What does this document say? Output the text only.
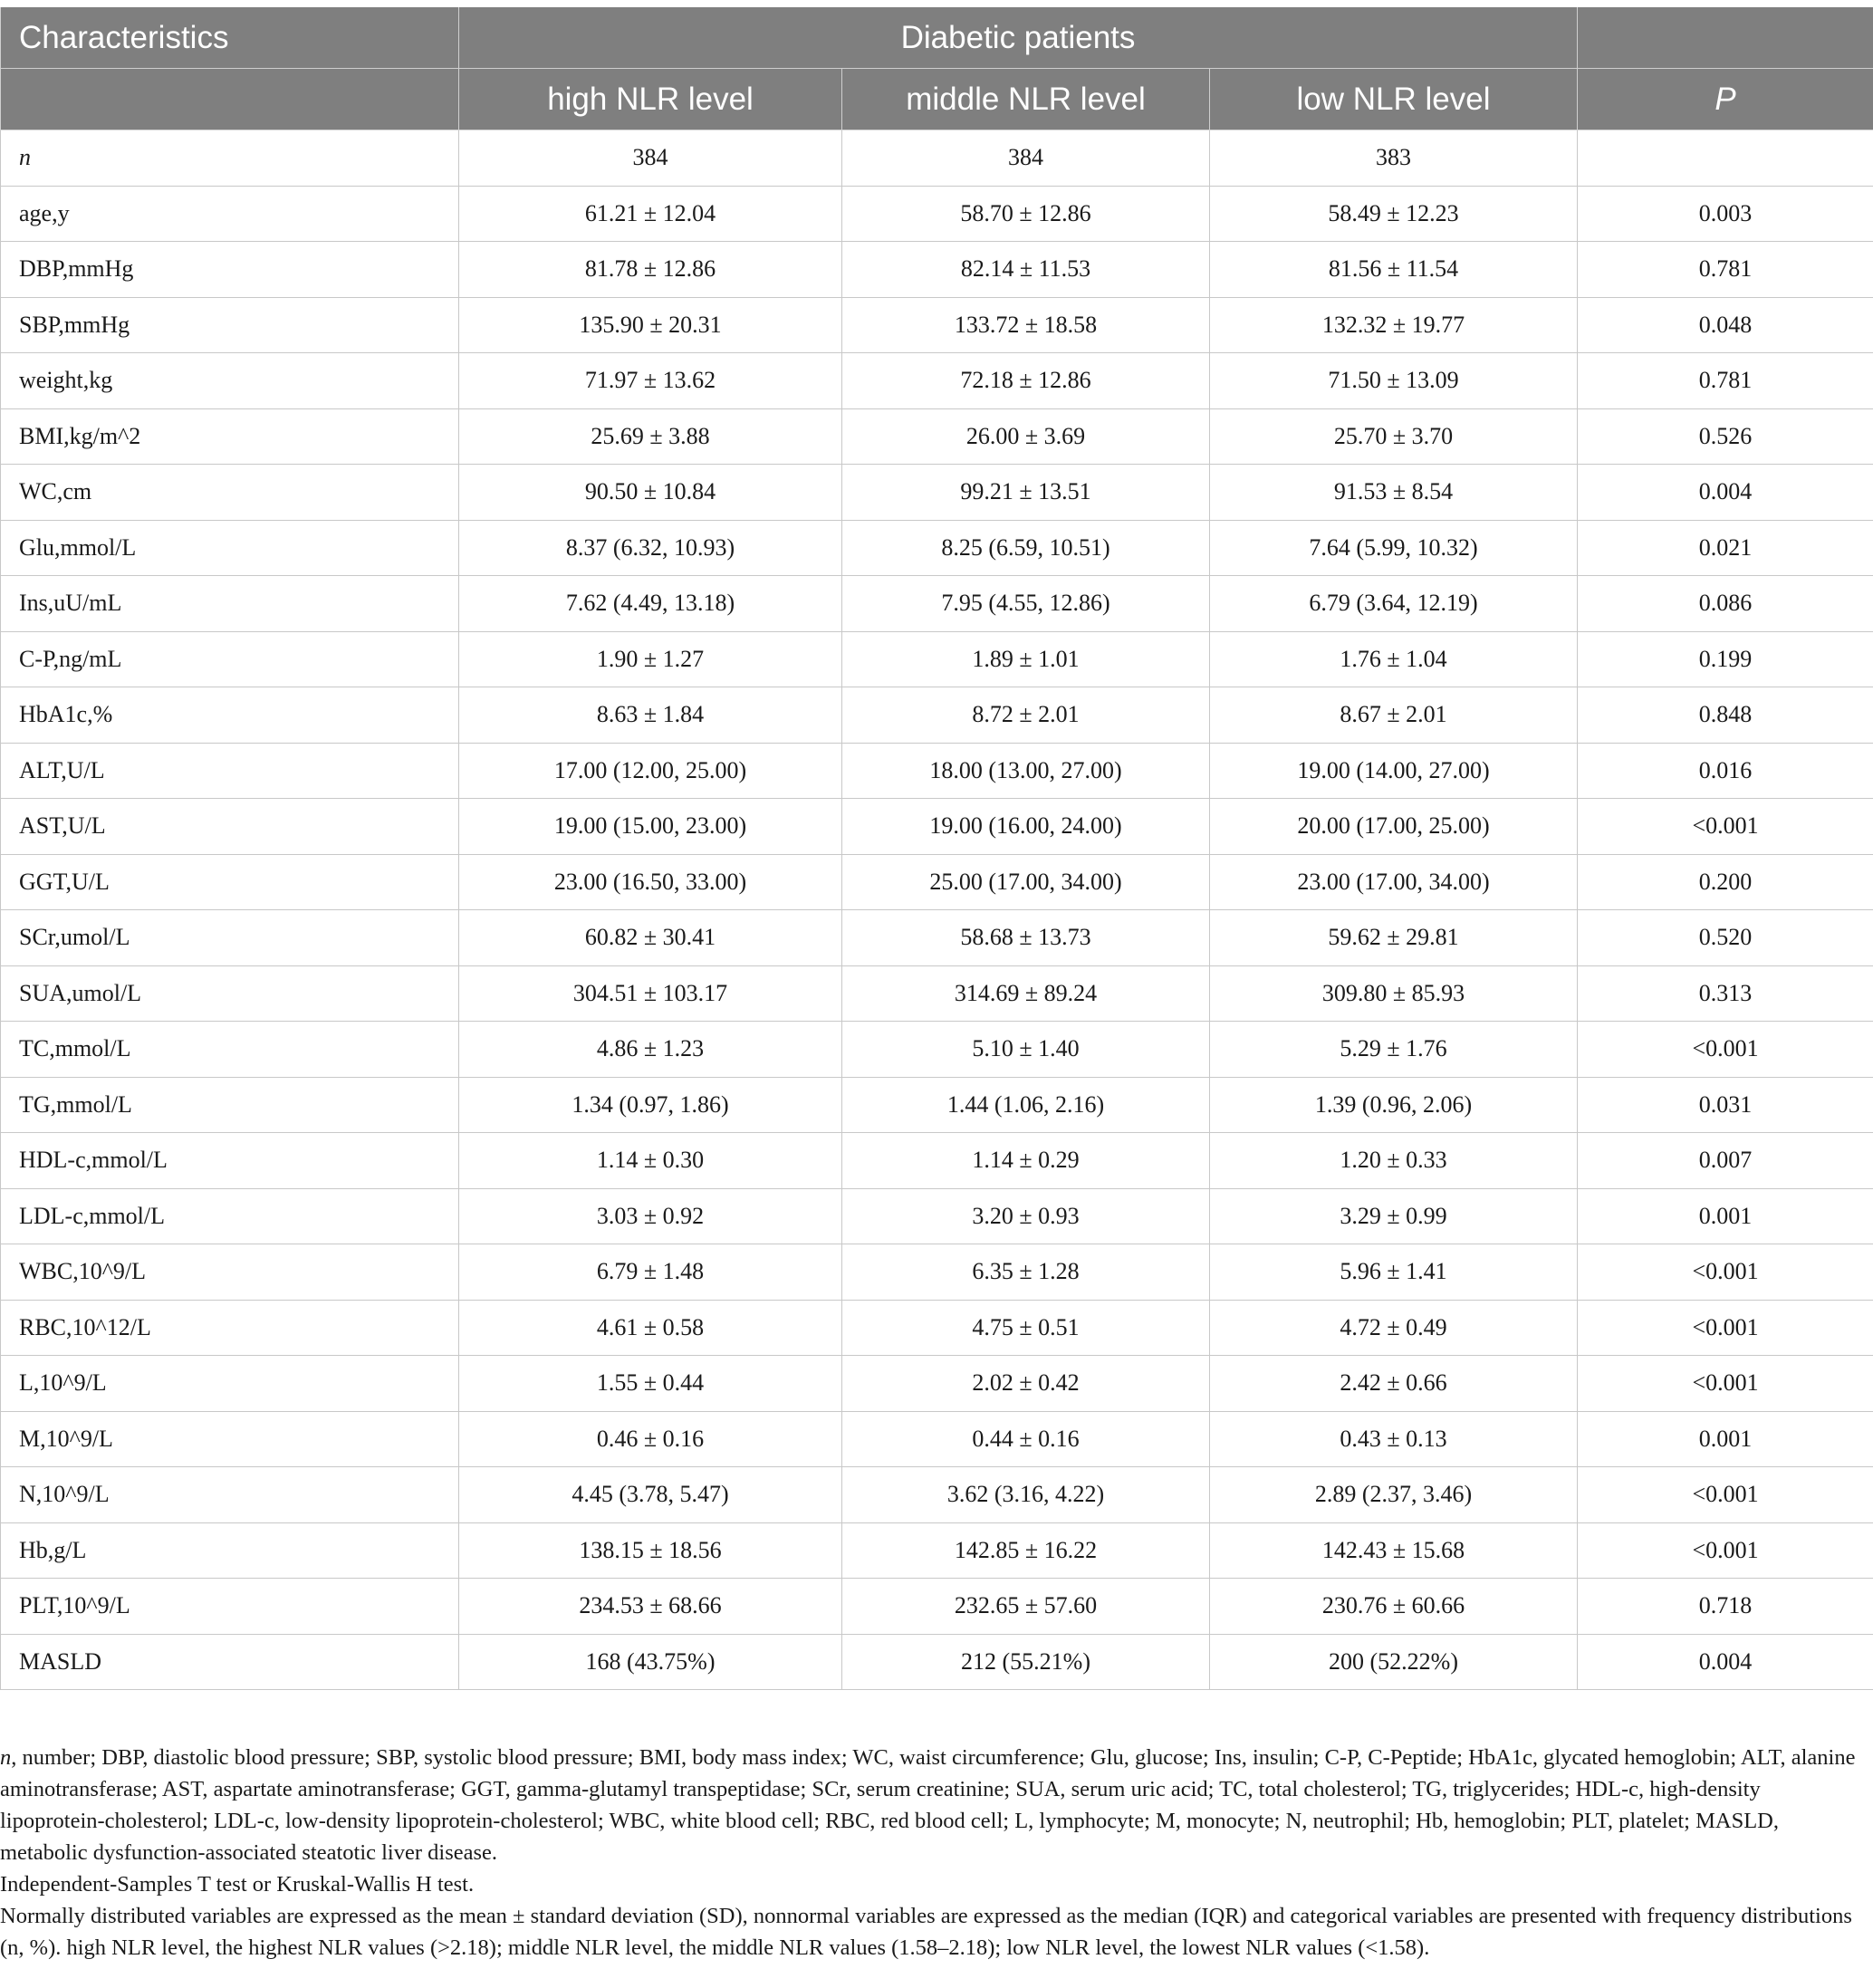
Characteristics	Diabetic patients			
	high NLR level	middle NLR level	low NLR level	P
n	384	384	383	
age,y	61.21 ± 12.04	58.70 ± 12.86	58.49 ± 12.23	0.003
DBP,mmHg	81.78 ± 12.86	82.14 ± 11.53	81.56 ± 11.54	0.781
SBP,mmHg	135.90 ± 20.31	133.72 ± 18.58	132.32 ± 19.77	0.048
weight,kg	71.97 ± 13.62	72.18 ± 12.86	71.50 ± 13.09	0.781
BMI,kg/m^2	25.69 ± 3.88	26.00 ± 3.69	25.70 ± 3.70	0.526
WC,cm	90.50 ± 10.84	99.21 ± 13.51	91.53 ± 8.54	0.004
Glu,mmol/L	8.37 (6.32, 10.93)	8.25 (6.59, 10.51)	7.64 (5.99, 10.32)	0.021
Ins,uU/mL	7.62 (4.49, 13.18)	7.95 (4.55, 12.86)	6.79 (3.64, 12.19)	0.086
C-P,ng/mL	1.90 ± 1.27	1.89 ± 1.01	1.76 ± 1.04	0.199
HbA1c,%	8.63 ± 1.84	8.72 ± 2.01	8.67 ± 2.01	0.848
ALT,U/L	17.00 (12.00, 25.00)	18.00 (13.00, 27.00)	19.00 (14.00, 27.00)	0.016
AST,U/L	19.00 (15.00, 23.00)	19.00 (16.00, 24.00)	20.00 (17.00, 25.00)	<0.001
GGT,U/L	23.00 (16.50, 33.00)	25.00 (17.00, 34.00)	23.00 (17.00, 34.00)	0.200
SCr,umol/L	60.82 ± 30.41	58.68 ± 13.73	59.62 ± 29.81	0.520
SUA,umol/L	304.51 ± 103.17	314.69 ± 89.24	309.80 ± 85.93	0.313
TC,mmol/L	4.86 ± 1.23	5.10 ± 1.40	5.29 ± 1.76	<0.001
TG,mmol/L	1.34 (0.97, 1.86)	1.44 (1.06, 2.16)	1.39 (0.96, 2.06)	0.031
HDL-c,mmol/L	1.14 ± 0.30	1.14 ± 0.29	1.20 ± 0.33	0.007
LDL-c,mmol/L	3.03 ± 0.92	3.20 ± 0.93	3.29 ± 0.99	0.001
WBC,10^9/L	6.79 ± 1.48	6.35 ± 1.28	5.96 ± 1.41	<0.001
RBC,10^12/L	4.61 ± 0.58	4.75 ± 0.51	4.72 ± 0.49	<0.001
L,10^9/L	1.55 ± 0.44	2.02 ± 0.42	2.42 ± 0.66	<0.001
M,10^9/L	0.46 ± 0.16	0.44 ± 0.16	0.43 ± 0.13	0.001
N,10^9/L	4.45 (3.78, 5.47)	3.62 (3.16, 4.22)	2.89 (2.37, 3.46)	<0.001
Hb,g/L	138.15 ± 18.56	142.85 ± 16.22	142.43 ± 15.68	<0.001
PLT,10^9/L	234.53 ± 68.66	232.65 ± 57.60	230.76 ± 60.66	0.718
MASLD	168 (43.75%)	212 (55.21%)	200 (52.22%)	0.004

n, number; DBP, diastolic blood pressure; SBP, systolic blood pressure; BMI, body mass index; WC, waist circumference; Glu, glucose; Ins, insulin; C-P, C-Peptide; HbA1c, glycated hemoglobin; ALT, alanine aminotransferase; AST, aspartate aminotransferase; GGT, gamma-glutamyl transpeptidase; SCr, serum creatinine; SUA, serum uric acid; TC, total cholesterol; TG, triglycerides; HDL-c, high-density lipoprotein-cholesterol; LDL-c, low-density lipoprotein-cholesterol; WBC, white blood cell; RBC, red blood cell; L, lymphocyte; M, monocyte; N, neutrophil; Hb, hemoglobin; PLT, platelet; MASLD, metabolic dysfunction-associated steatotic liver disease.

Independent-Samples T test or Kruskal-Wallis H test.

Normally distributed variables are expressed as the mean ± standard deviation (SD), nonnormal variables are expressed as the median (IQR) and categorical variables are presented with frequency distributions (n, %). high NLR level, the highest NLR values (>2.18); middle NLR level, the middle NLR values (1.58–2.18); low NLR level, the lowest NLR values (<1.58).
